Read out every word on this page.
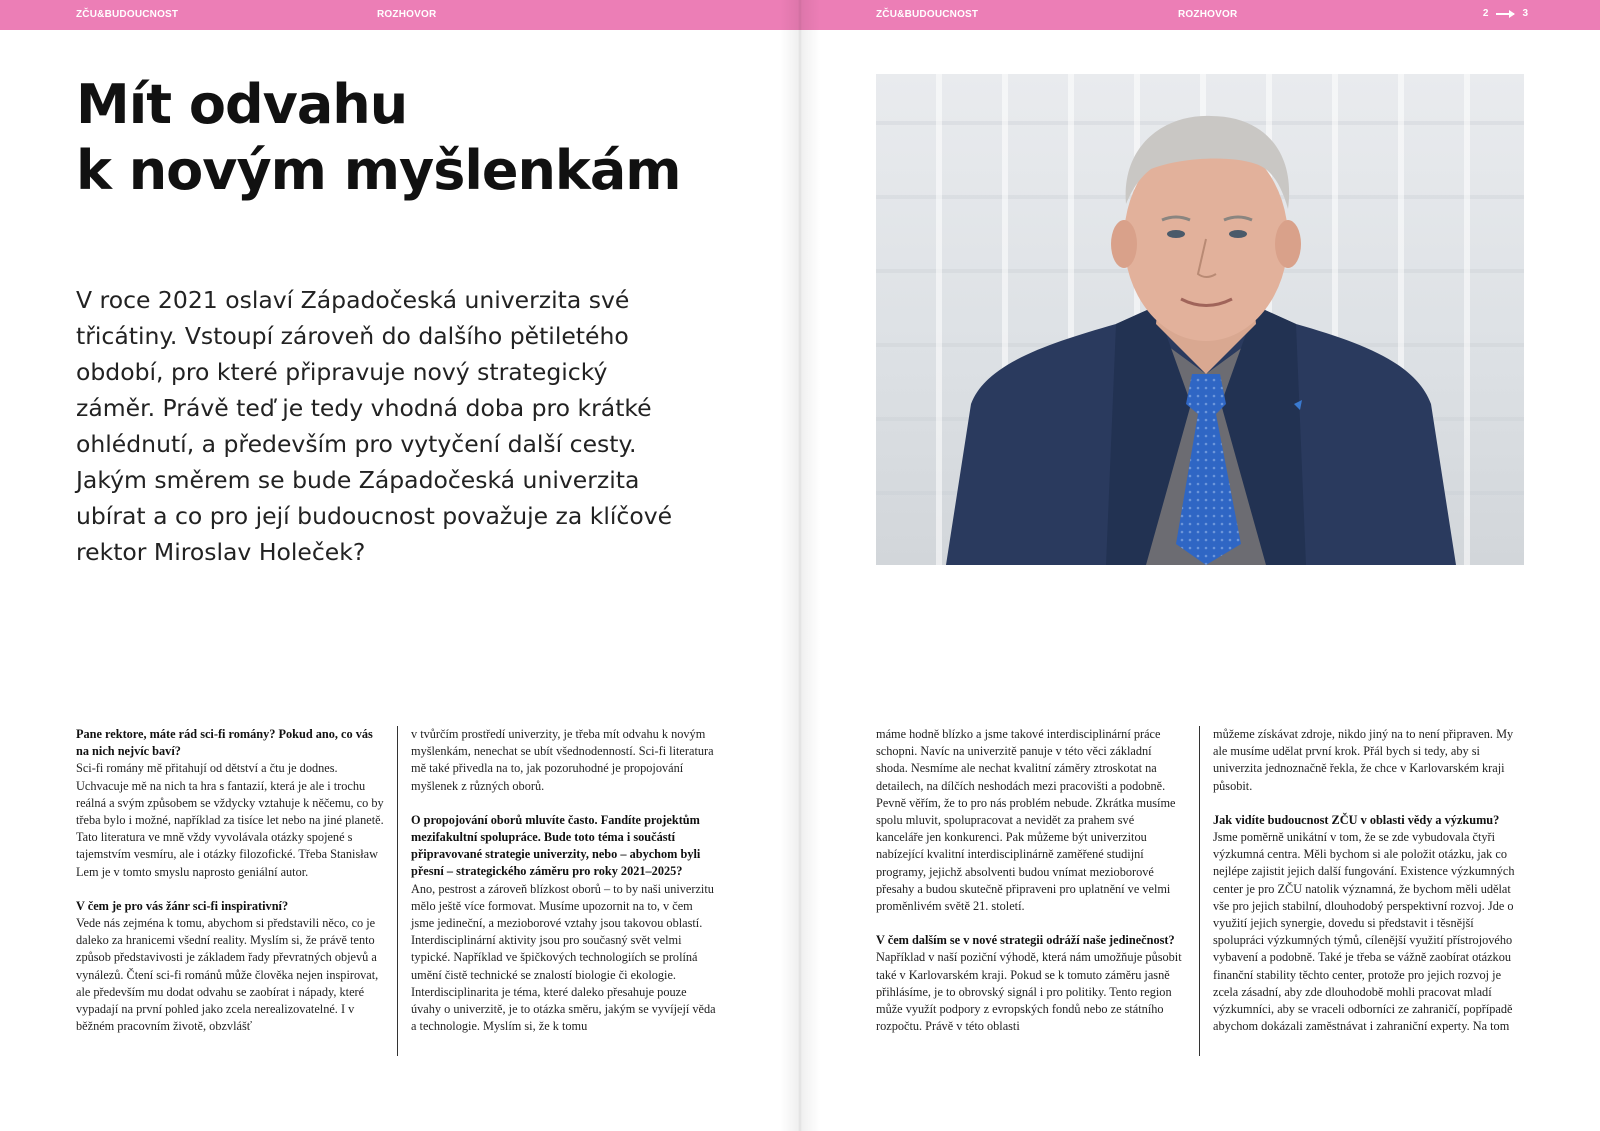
ZČU&BUDOUCNOST	ROZHOVOR
Mít odvahu
k novým myšlenkám

V roce 2021 oslaví Západočeská univerzita své třicátiny. Vstoupí zároveň do dalšího pětiletého období, pro které připravuje nový strategický záměr. Právě teď je tedy vhodná doba pro krátké ohlédnutí, a především pro vytyčení další cesty. Jakým směrem se bude Západočeská univerzita ubírat a co pro její budoucnost považuje za klíčové rektor Miroslav Holeček?

Pane rektore, máte rád sci-fi romány? Pokud ano, co vás na nich nejvíc baví?

Sci-fi romány mě přitahují od dětství a čtu je dodnes. Uchvacuje mě na nich ta hra s fantazií, která je ale i trochu reálná a svým způsobem se vždycky vztahuje k něčemu, co by třeba bylo i možné, například za tisíce let nebo na jiné planetě. Tato literatura ve mně vždy vyvolávala otázky spojené s tajemstvím vesmíru, ale i otázky filozofické. Třeba Stanisław Lem je v tomto smyslu naprosto geniální autor.

V čem je pro vás žánr sci-fi inspirativní?

Vede nás zejména k tomu, abychom si představili něco, co je daleko za hranicemi všední reality. Myslím si, že právě tento způsob představivosti je základem řady převratných objevů a vynálezů. Čtení sci-fi románů může člověka nejen inspirovat, ale především mu dodat odvahu se zaobírat i nápady, které vypadají na první pohled jako zcela nerealizovatelné. I v běžném pracovním životě, obzvlášť

v tvůrčím prostředí univerzity, je třeba mít odvahu k novým myšlenkám, nenechat se ubít všednodenností. Sci-fi literatura mě také přivedla na to, jak pozoruhodné je propojování myšlenek z různých oborů.

O propojování oborů mluvíte často. Fandíte projektům mezifakultní spolupráce. Bude toto téma i součástí připravované strategie univerzity, nebo – abychom byli přesní – strategického záměru pro roky 2021–2025?

Ano, pestrost a zároveň blízkost oborů – to by naši univerzitu mělo ještě více formovat. Musíme upozornit na to, v čem jsme jedineční, a mezioborové vztahy jsou takovou oblastí. Interdisciplinární aktivity jsou pro současný svět velmi typické. Například ve špičkových technologiích se prolíná umění čistě technické se znalostí biologie či ekologie. Interdisciplinarita je téma, které daleko přesahuje pouze úvahy o univerzitě, je to otázka směru, jakým se vyvíjejí věda a technologie. Myslím si, že k tomu

ZČU&BUDOUCNOST	ROZHOVOR	2	3

máme hodně blízko a jsme takové interdisciplinární práce schopni. Navíc na univerzitě panuje v této věci základní shoda. Nesmíme ale nechat kvalitní záměry ztroskotat na detailech, na dílčích neshodách mezi pracovišti a podobně. Pevně věřím, že to pro nás problém nebude. Zkrátka musíme spolu mluvit, spolupracovat a nevidět za prahem své kanceláře jen konkurenci. Pak můžeme být univerzitou nabízející kvalitní interdisciplinárně zaměřené studijní programy, jejichž absolventi budou vnímat mezioborové přesahy a budou skutečně připraveni pro uplatnění ve velmi proměnlivém světě 21. století.

V čem dalším se v nové strategii odráží naše jedinečnost?

Například v naší poziční výhodě, která nám umožňuje působit také v Karlovarském kraji. Pokud se k tomuto záměru jasně přihlásíme, je to obrovský signál i pro politiky. Tento region může využít podpory z evropských fondů nebo ze státního rozpočtu. Právě v této oblasti

můžeme získávat zdroje, nikdo jiný na to není připraven. My ale musíme udělat první krok. Přál bych si tedy, aby si univerzita jednoznačně řekla, že chce v Karlovarském kraji působit.

Jak vidíte budoucnost ZČU v oblasti vědy a výzkumu?

Jsme poměrně unikátní v tom, že se zde vybudovala čtyři výzkumná centra. Měli bychom si ale položit otázku, jak co nejlépe zajistit jejich další fungování. Existence výzkumných center je pro ZČU natolik významná, že bychom měli udělat vše pro jejich stabilní, dlouhodobý perspektivní rozvoj. Jde o využití jejich synergie, dovedu si představit i těsnější spolupráci výzkumných týmů, cílenější využití přístrojového vybavení a podobně. Také je třeba se vážně zaobírat otázkou finanční stability těchto center, protože pro jejich rozvoj je zcela zásadní, aby zde dlouhodobě mohli pracovat mladí výzkumníci, aby se vraceli odborníci ze zahraničí, popřípadě abychom dokázali zaměstnávat i zahraniční experty. Na tom
